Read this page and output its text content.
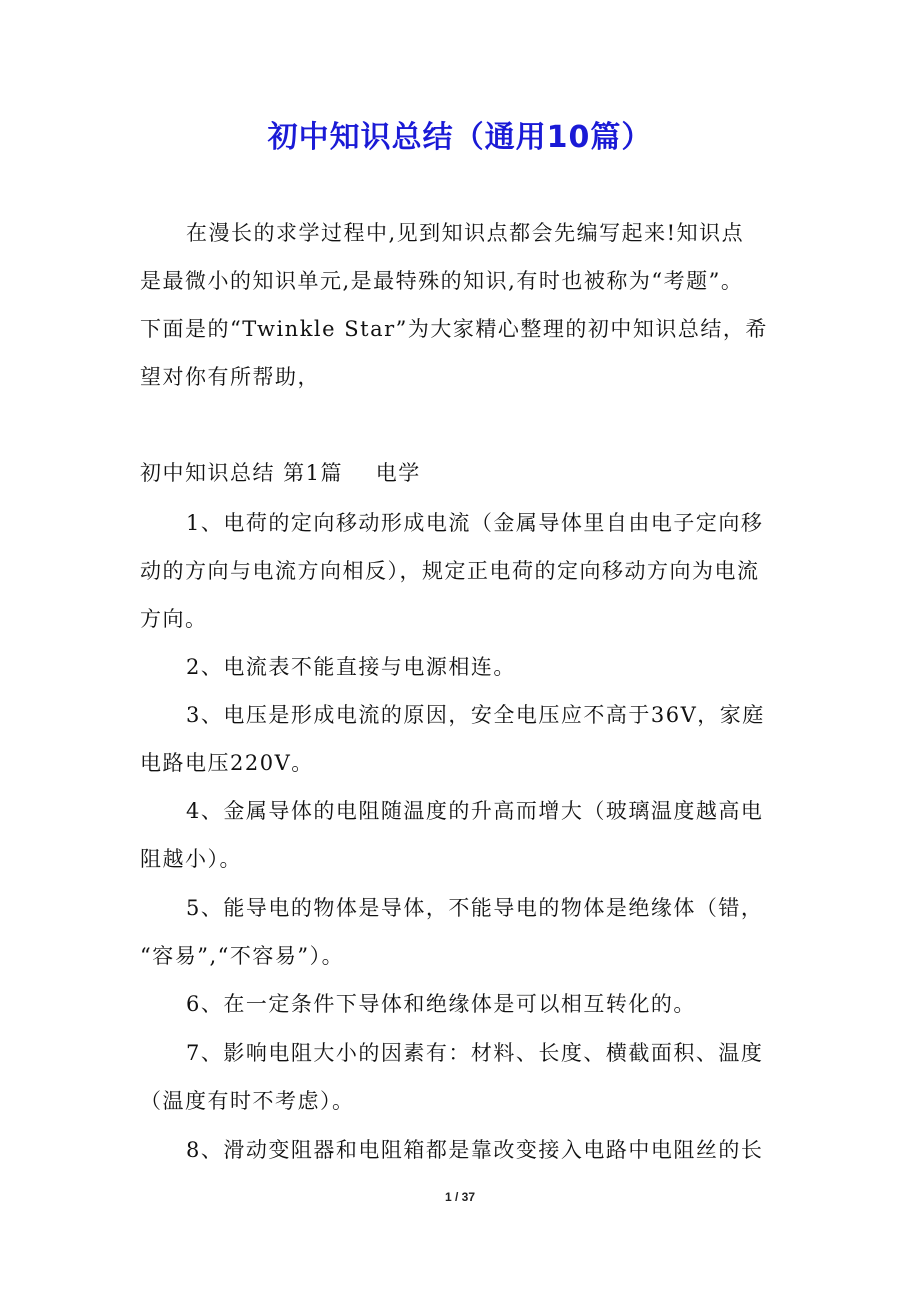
初中知识总结（通用10篇）
在漫长的求学过程中,见到知识点都会先编写起来!知识点
是最微小的知识单元,是最特殊的知识,有时也被称为“考题”。
下面是的“Twinkle Star”为大家精心整理的初中知识总结，希
望对你有所帮助，
初中知识总结 第1篇    电学
1、电荷的定向移动形成电流（金属导体里自由电子定向移
动的方向与电流方向相反），规定正电荷的定向移动方向为电流
方向。
2、电流表不能直接与电源相连。
3、电压是形成电流的原因，安全电压应不高于36V，家庭
电路电压220V。
4、金属导体的电阻随温度的升高而增大（玻璃温度越高电
阻越小）。
5、能导电的物体是导体，不能导电的物体是绝缘体（错，
“容易”,“不容易”）。
6、在一定条件下导体和绝缘体是可以相互转化的。
7、影响电阻大小的因素有：材料、长度、横截面积、温度
（温度有时不考虑）。
8、滑动变阻器和电阻箱都是靠改变接入电路中电阻丝的长
1 / 37
